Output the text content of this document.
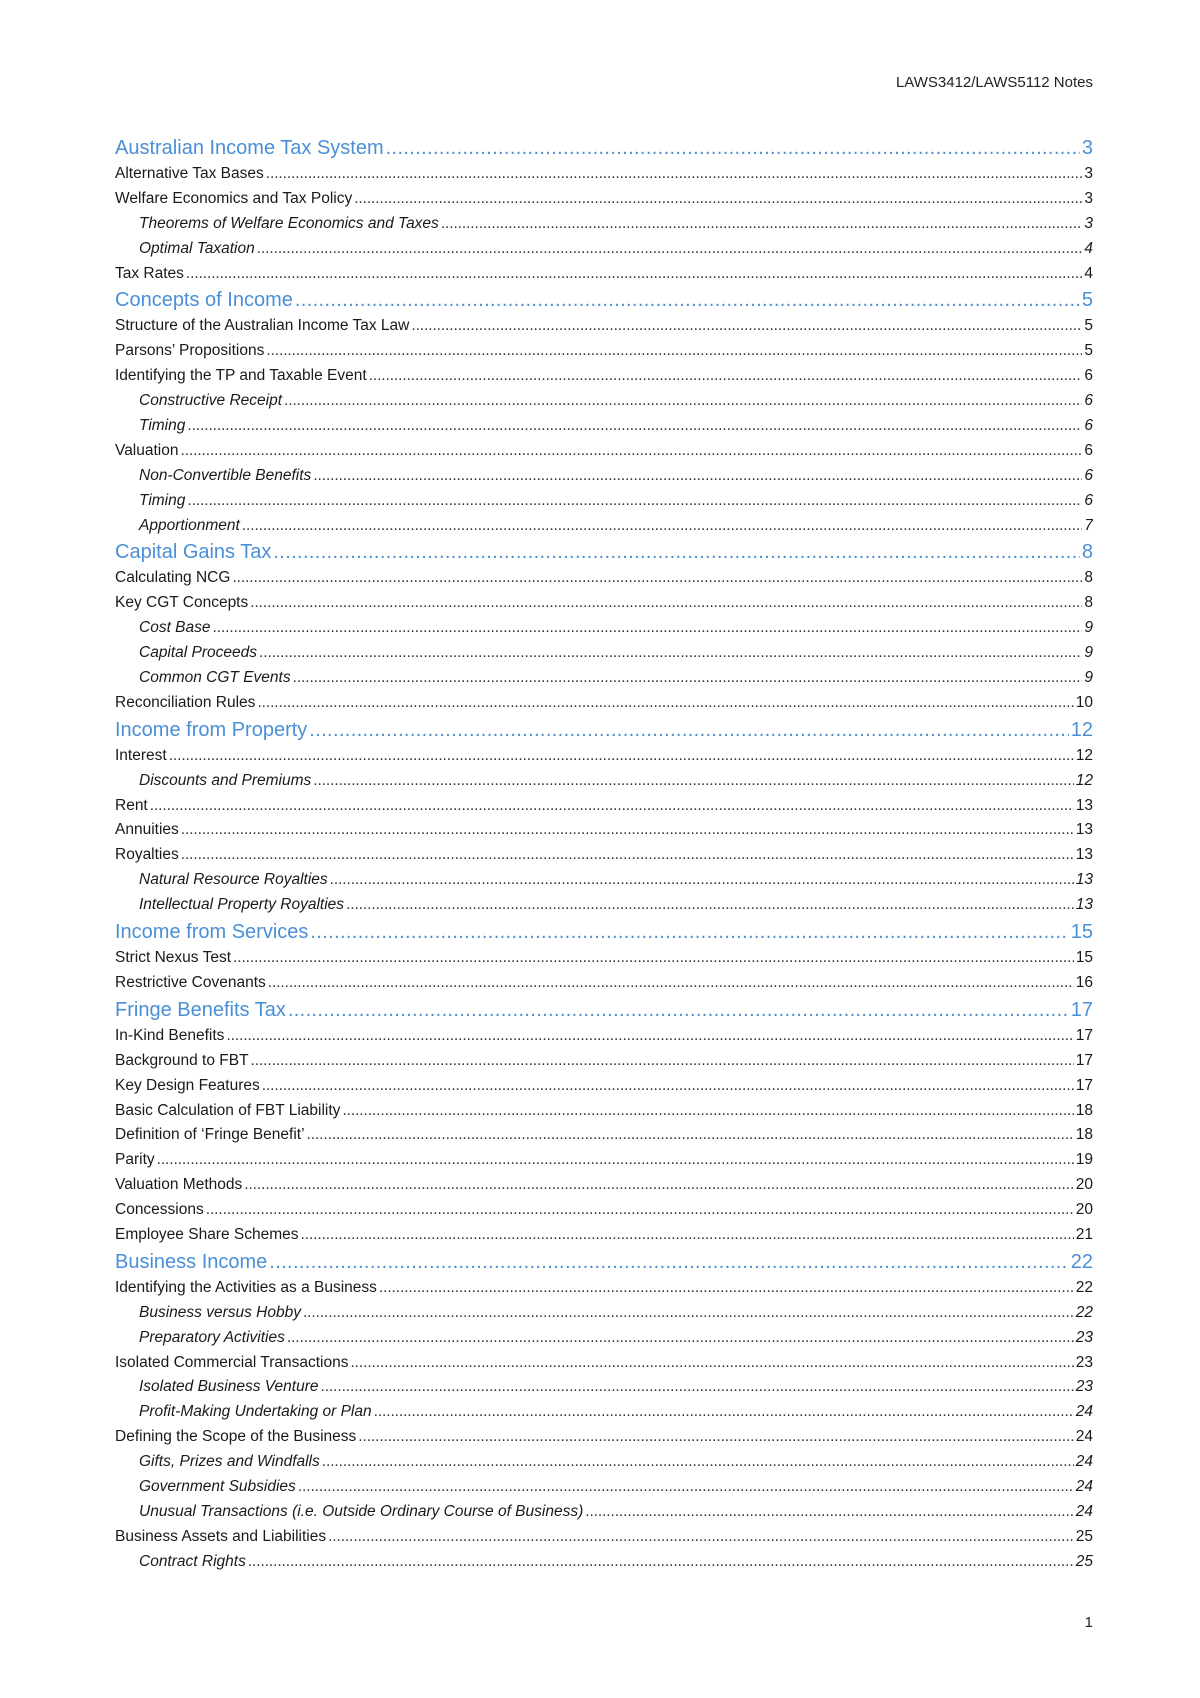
LAWS3412/LAWS5112 Notes
Australian Income Tax System . . .	3
Alternative Tax Bases . . .	3
Welfare Economics and Tax Policy . . .	3
Theorems of Welfare Economics and Taxes . . .	3
Optimal Taxation . . .	4
Tax Rates . . .	4
Concepts of Income . . .	5
Structure of the Australian Income Tax Law . . .	5
Parsons’ Propositions . . .	5
Identifying the TP and Taxable Event . . .	6
Constructive Receipt . . .	6
Timing . . .	6
Valuation . . .	6
Non-Convertible Benefits . . .	6
Timing . . .	6
Apportionment . . .	7
Capital Gains Tax . . .	8
Calculating NCG . . .	8
Key CGT Concepts . . .	8
Cost Base . . .	9
Capital Proceeds . . .	9
Common CGT Events . . .	9
Reconciliation Rules . . .	10
Income from Property . . .	12
Interest . . .	12
Discounts and Premiums . . .	12
Rent . . .	13
Annuities . . .	13
Royalties . . .	13
Natural Resource Royalties . . .	13
Intellectual Property Royalties . . .	13
Income from Services . . .	15
Strict Nexus Test . . .	15
Restrictive Covenants . . .	16
Fringe Benefits Tax . . .	17
In-Kind Benefits . . .	17
Background to FBT . . .	17
Key Design Features . . .	17
Basic Calculation of FBT Liability . . .	18
Definition of ‘Fringe Benefit’ . . .	18
Parity . . .	19
Valuation Methods . . .	20
Concessions . . .	20
Employee Share Schemes . . .	21
Business Income . . .	22
Identifying the Activities as a Business . . .	22
Business versus Hobby . . .	22
Preparatory Activities . . .	23
Isolated Commercial Transactions . . .	23
Isolated Business Venture . . .	23
Profit-Making Undertaking or Plan . . .	24
Defining the Scope of the Business . . .	24
Gifts, Prizes and Windfalls . . .	24
Government Subsidies . . .	24
Unusual Transactions (i.e. Outside Ordinary Course of Business) . . .	24
Business Assets and Liabilities . . .	25
Contract Rights . . .	25
1
